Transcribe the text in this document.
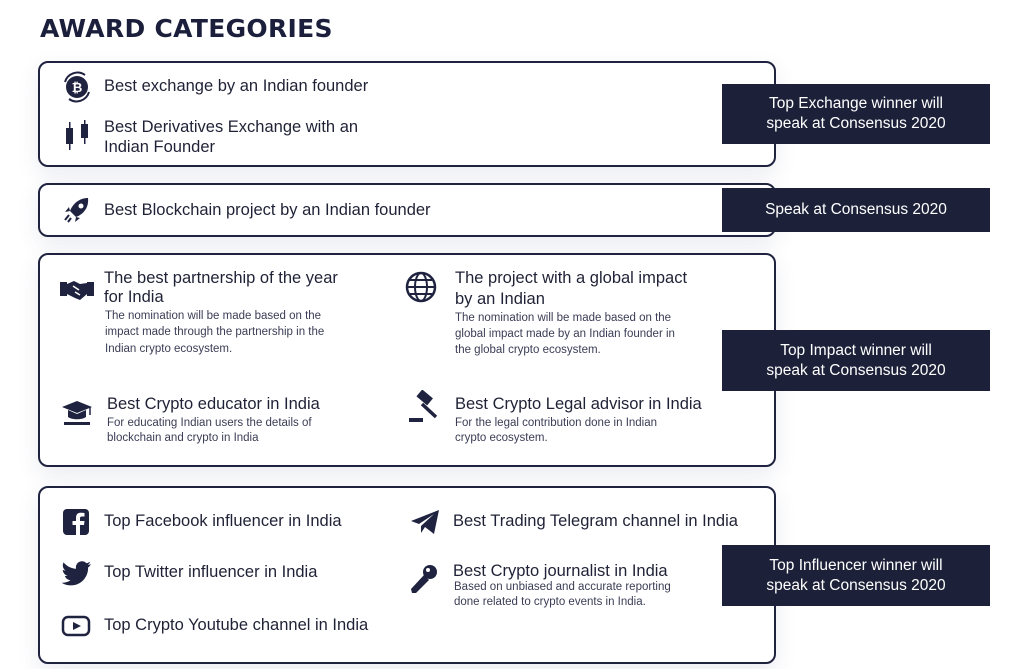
AWARD CATEGORIES
₿ Best exchange by an Indian founder
Best Derivatives Exchange with an
Indian Founder
Top Exchange winner will
speak at Consensus 2020
Best Blockchain project by an Indian founder	Speak at Consensus 2020
The best partnership of the year
for India
The nomination will be made based on the
impact made through the partnership in the
Indian crypto ecosystem.
The project with a global impact
by an Indian
The nomination will be made based on the
global impact made by an Indian founder in
the global crypto ecosystem.
Best Crypto educator in India
For educating Indian users the details of
blockchain and crypto in India
Best Crypto Legal advisor in India
For the legal contribution done in Indian
crypto ecosystem.
Top Impact winner will
speak at Consensus 2020
Top Facebook influencer in India
Top Twitter influencer in India
Top Crypto Youtube channel in India
Best Trading Telegram channel in India
Best Crypto journalist in India
Based on unbiased and accurate reporting
done related to crypto events in India.
Top Influencer winner will
speak at Consensus 2020
